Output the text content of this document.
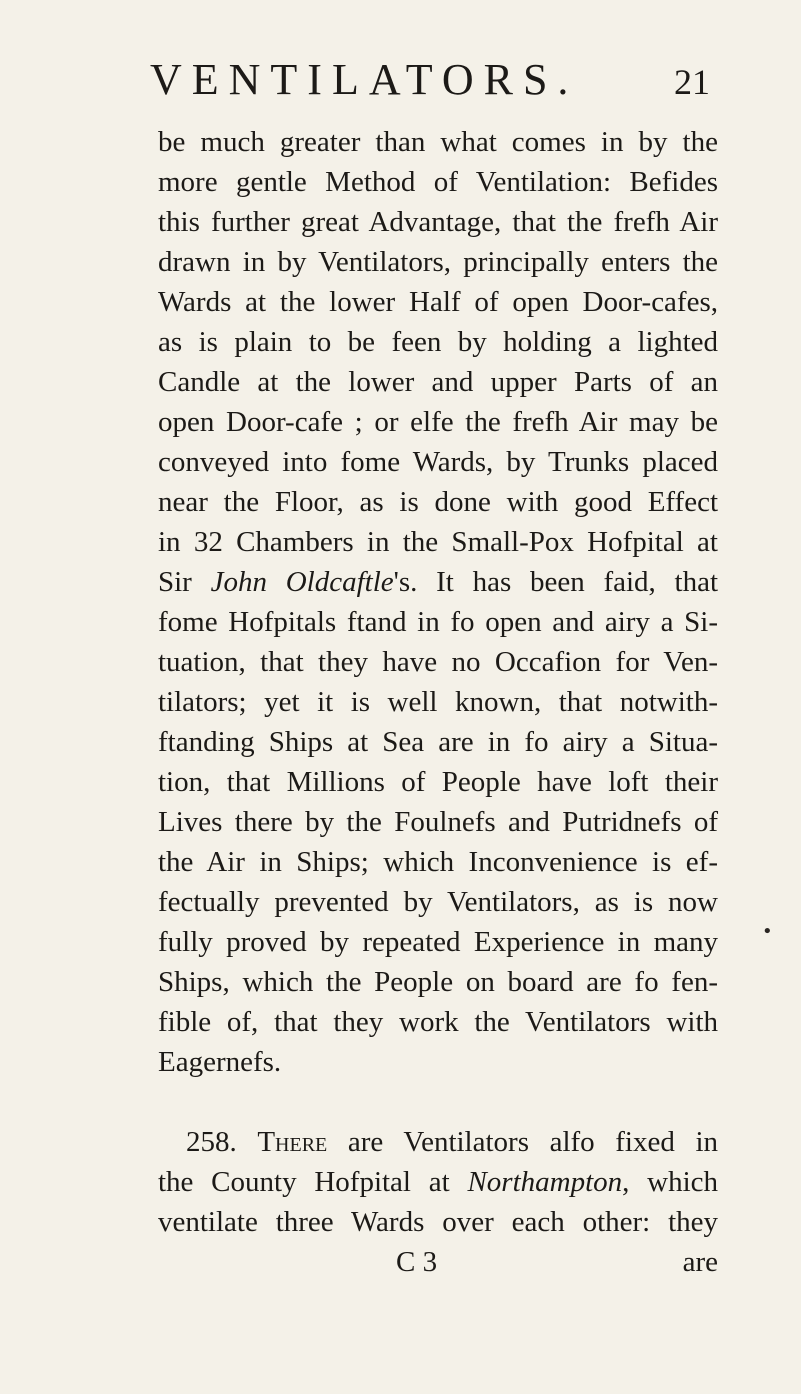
VENTILATORS.	21
be much greater than what comes in by the
more gentle Method of Ventilation: Befides
this further great Advantage, that the frefh Air
drawn in by Ventilators, principally enters the
Wards at the lower Half of open Door-cafes,
as is plain to be feen by holding a lighted
Candle at the lower and upper Parts of an
open Door-cafe ; or elfe the frefh Air may be
conveyed into fome Wards, by Trunks placed
near the Floor, as is done with good Effect
in 32 Chambers in the Small-Pox Hofpital at
Sir John Oldcaftle's. It has been faid, that
fome Hofpitals ftand in fo open and airy a Si-
tuation, that they have no Occafion for Ven-
tilators; yet it is well known, that notwith-
ftanding Ships at Sea are in fo airy a Situa-
tion, that Millions of People have loft their
Lives there by the Foulnefs and Putridnefs of
the Air in Ships; which Inconvenience is ef-
fectually prevented by Ventilators, as is now
fully proved by repeated Experience in many
Ships, which the People on board are fo fen-
fible of, that they work the Ventilators with
Eagernefs.
258. There are Ventilators alfo fixed in
the County Hofpital at Northampton, which
ventilate three Wards over each other: they
C 3	are
•
